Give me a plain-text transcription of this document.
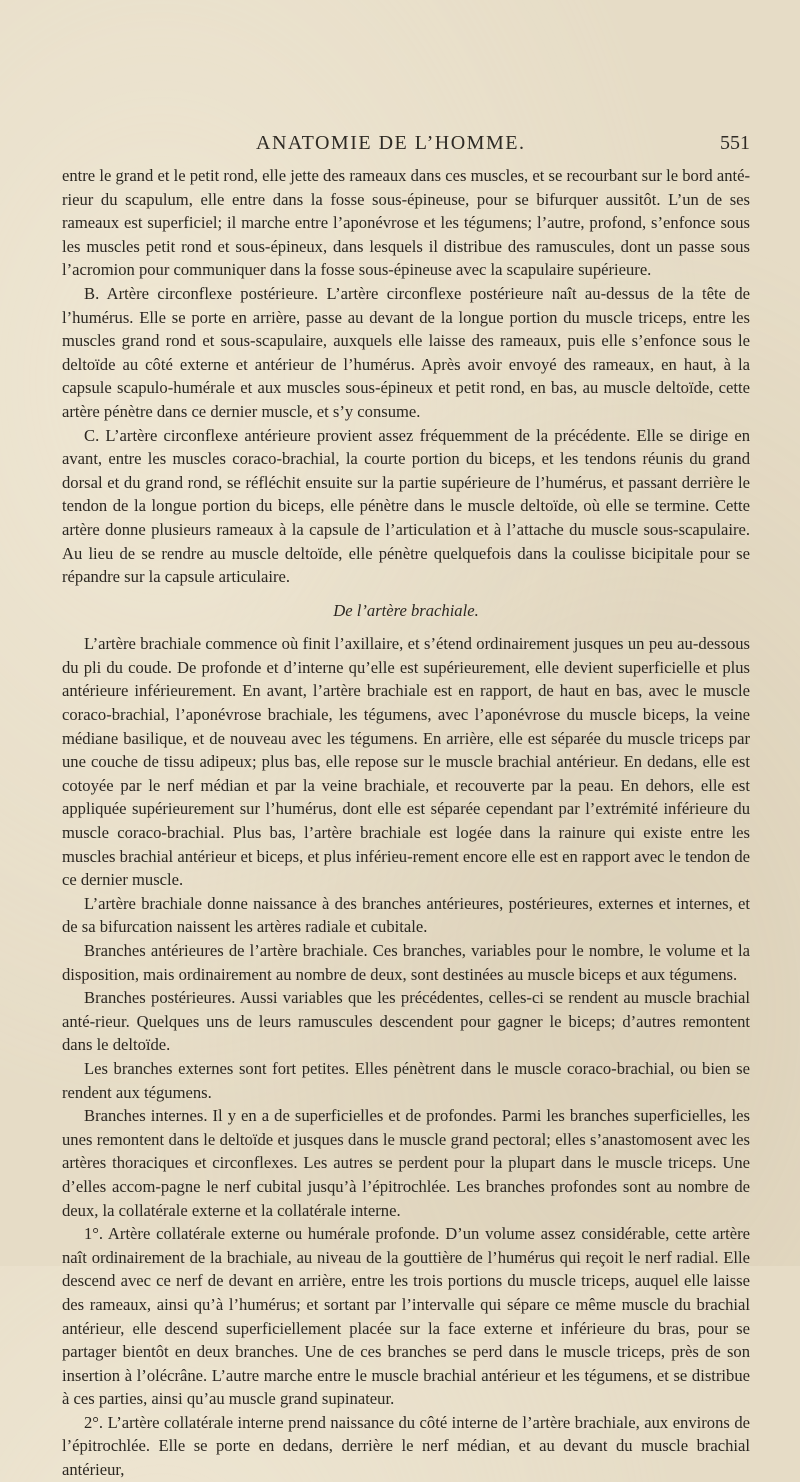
ANATOMIE DE L’HOMME.	551

entre le grand et le petit rond, elle jette des rameaux dans ces muscles, et se recourbant sur le bord anté-rieur du scapulum, elle entre dans la fosse sous-épineuse, pour se bifurquer aussitôt. L’un de ses rameaux est superficiel; il marche entre l’aponévrose et les tégumens; l’autre, profond, s’enfonce sous les muscles petit rond et sous-épineux, dans lesquels il distribue des ramuscules, dont un passe sous l’acromion pour communiquer dans la fosse sous-épineuse avec la scapulaire supérieure.

B. Artère circonflexe postérieure. L’artère circonflexe postérieure naît au-dessus de la tête de l’humérus. Elle se porte en arrière, passe au devant de la longue portion du muscle triceps, entre les muscles grand rond et sous-scapulaire, auxquels elle laisse des rameaux, puis elle s’enfonce sous le deltoïde au côté externe et antérieur de l’humérus. Après avoir envoyé des rameaux, en haut, à la capsule scapulo-humérale et aux muscles sous-épineux et petit rond, en bas, au muscle deltoïde, cette artère pénètre dans ce dernier muscle, et s’y consume.

C. L’artère circonflexe antérieure provient assez fréquemment de la précédente. Elle se dirige en avant, entre les muscles coraco-brachial, la courte portion du biceps, et les tendons réunis du grand dorsal et du grand rond, se réfléchit ensuite sur la partie supérieure de l’humérus, et passant derrière le tendon de la longue portion du biceps, elle pénètre dans le muscle deltoïde, où elle se termine. Cette artère donne plusieurs rameaux à la capsule de l’articulation et à l’attache du muscle sous-scapulaire. Au lieu de se rendre au muscle deltoïde, elle pénètre quelquefois dans la coulisse bicipitale pour se répandre sur la capsule articulaire.

De l’artère brachiale.

L’artère brachiale commence où finit l’axillaire, et s’étend ordinairement jusques un peu au-dessous du pli du coude. De profonde et d’interne qu’elle est supérieurement, elle devient superficielle et plus antérieure inférieurement. En avant, l’artère brachiale est en rapport, de haut en bas, avec le muscle coraco-brachial, l’aponévrose brachiale, les tégumens, avec l’aponévrose du muscle biceps, la veine médiane basilique, et de nouveau avec les tégumens. En arrière, elle est séparée du muscle triceps par une couche de tissu adipeux; plus bas, elle repose sur le muscle brachial antérieur. En dedans, elle est cotoyée par le nerf médian et par la veine brachiale, et recouverte par la peau. En dehors, elle est appliquée supérieurement sur l’humérus, dont elle est séparée cependant par l’extrémité inférieure du muscle coraco-brachial. Plus bas, l’artère brachiale est logée dans la rainure qui existe entre les muscles brachial antérieur et biceps, et plus inférieu-rement encore elle est en rapport avec le tendon de ce dernier muscle.

L’artère brachiale donne naissance à des branches antérieures, postérieures, externes et internes, et de sa bifurcation naissent les artères radiale et cubitale.

Branches antérieures de l’artère brachiale. Ces branches, variables pour le nombre, le volume et la disposition, mais ordinairement au nombre de deux, sont destinées au muscle biceps et aux tégumens.

Branches postérieures. Aussi variables que les précédentes, celles-ci se rendent au muscle brachial anté-rieur. Quelques uns de leurs ramuscules descendent pour gagner le biceps; d’autres remontent dans le deltoïde.

Les branches externes sont fort petites. Elles pénètrent dans le muscle coraco-brachial, ou bien se rendent aux tégumens.

Branches internes. Il y en a de superficielles et de profondes. Parmi les branches superficielles, les unes remontent dans le deltoïde et jusques dans le muscle grand pectoral; elles s’anastomosent avec les artères thoraciques et circonflexes. Les autres se perdent pour la plupart dans le muscle triceps. Une d’elles accom-pagne le nerf cubital jusqu’à l’épitrochlée. Les branches profondes sont au nombre de deux, la collatérale externe et la collatérale interne.

1°. Artère collatérale externe ou humérale profonde. D’un volume assez considérable, cette artère naît ordinairement de la brachiale, au niveau de la gouttière de l’humérus qui reçoit le nerf radial. Elle descend avec ce nerf de devant en arrière, entre les trois portions du muscle triceps, auquel elle laisse des rameaux, ainsi qu’à l’humérus; et sortant par l’intervalle qui sépare ce même muscle du brachial antérieur, elle descend superficiellement placée sur la face externe et inférieure du bras, pour se partager bientôt en deux branches. Une de ces branches se perd dans le muscle triceps, près de son insertion à l’olécrâne. L’autre marche entre le muscle brachial antérieur et les tégumens, et se distribue à ces parties, ainsi qu’au muscle grand supinateur.

2°. L’artère collatérale interne prend naissance du côté interne de l’artère brachiale, aux environs de l’épitrochlée. Elle se porte en dedans, derrière le nerf médian, et au devant du muscle brachial antérieur,
